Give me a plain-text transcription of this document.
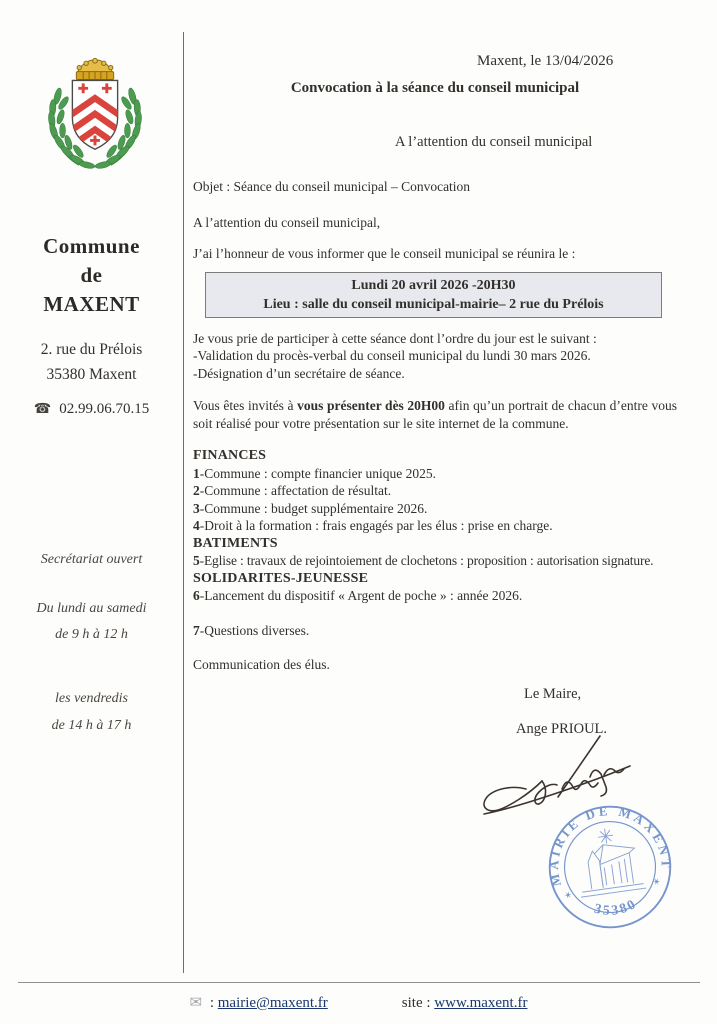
Commune
de
MAXENT
2. rue du Prélois
35380 Maxent
☎ 02.99.06.70.15
Secrétariat ouvert
Du lundi au samedi
de 9 h à 12 h
les vendredis
de 14 h à 17 h
Maxent, le 13/04/2026
Convocation à la séance du conseil municipal
A l’attention du conseil municipal

Objet : Séance du conseil municipal – Convocation

A l’attention du conseil municipal,

J’ai l’honneur de vous informer que le conseil municipal se réunira le :

Lundi 20 avril 2026 -20H30
Lieu : salle du conseil municipal-mairie– 2 rue du Prélois

Je vous prie de participer à cette séance dont l’ordre du jour est le suivant :

-Validation du procès-verbal du conseil municipal du lundi 30 mars 2026.

-Désignation d’un secrétaire de séance.

Vous êtes invités à vous présenter dès 20H00 afin qu’un portrait de chacun d’entre vous soit réalisé pour votre présentation sur le site internet de la commune.

FINANCES

1-Commune : compte financier unique 2025.

2-Commune : affectation de résultat.

3-Commune : budget supplémentaire 2026.

4-Droit à la formation : frais engagés par les élus : prise en charge.

BATIMENTS

5-Eglise : travaux de rejointoiement de clochetons : proposition : autorisation signature.

SOLIDARITES-JEUNESSE

6-Lancement du dispositif « Argent de poche » : année 2026.

7-Questions diverses.

Communication des élus.

Le Maire,
Ange PRIOUL.
✶
✶
MAIRIE DE MAXENT
35380
✉ : mairie@maxent.fr	site : www.maxent.fr
